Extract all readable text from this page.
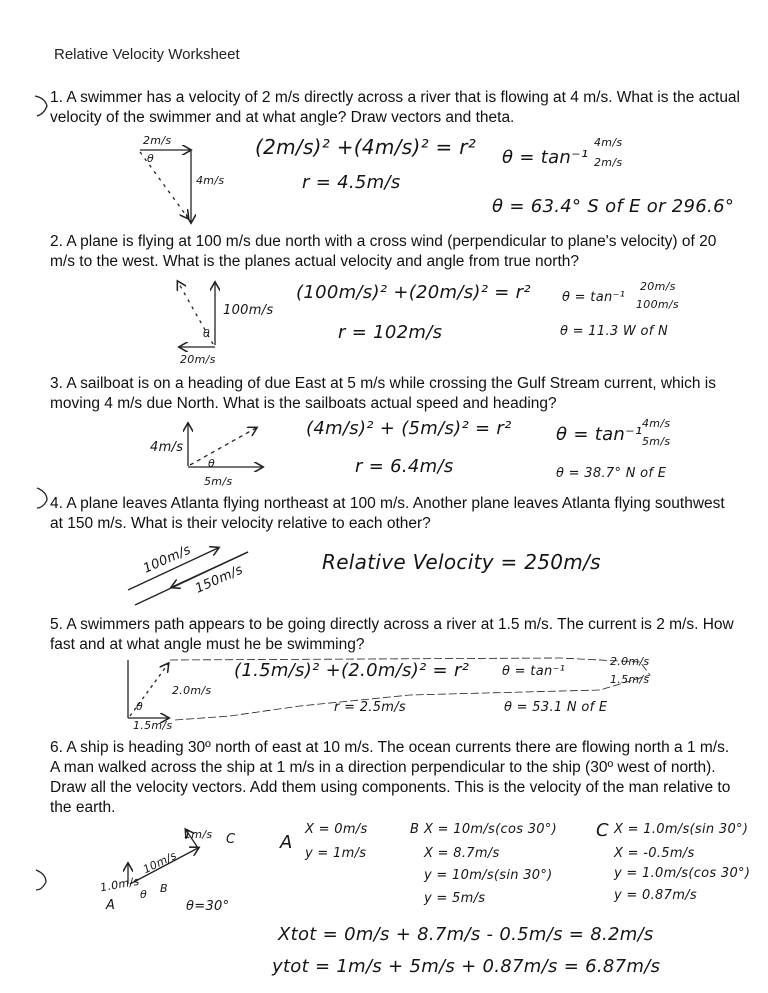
Relative Velocity Worksheet
1. A swimmer has a velocity of 2 m/s directly across a river that is flowing at 4 m/s. What is the actual velocity of the swimmer and at what angle? Draw vectors and theta.
2. A plane is flying at 100 m/s due north with a cross wind (perpendicular to plane's velocity) of 20 m/s to the west. What is the planes actual velocity and angle from true north?
3. A sailboat is on a heading of due East at 5 m/s while crossing the Gulf Stream current, which is moving 4 m/s due North. What is the sailboats actual speed and heading?
4. A plane leaves Atlanta flying northeast at 100 m/s. Another plane leaves Atlanta flying southwest at 150 m/s. What is their velocity relative to each other?
5. A swimmers path appears to be going directly across a river at 1.5 m/s. The current is 2 m/s. How fast and at what angle must he be swimming?
6. A ship is heading 30º north of east at 10 m/s. The ocean currents there are flowing north a 1 m/s. A man walked across the ship at 1 m/s in a direction perpendicular to the ship (30º west of north). Draw all the velocity vectors. Add them using components. This is the velocity of the man relative to the earth.
2m/s
θ
4m/s
(2m/s)² +(4m/s)² = r²
r = 4.5m/s
θ = tan⁻¹
4m/s
2m/s
θ = 63.4° S of E or 296.6°
100m/s
20m/s
θ
(100m/s)² +(20m/s)² = r²
r = 102m/s
θ = tan⁻¹
20m/s
100m/s
θ = 11.3 W of N
4m/s
5m/s
θ
(4m/s)² + (5m/s)² = r²
r = 6.4m/s
θ = tan⁻¹
4m/s
5m/s
θ = 38.7° N of E
100m/s
150m/s
Relative Velocity = 250m/s
2.0m/s
1.5m/s
θ
(1.5m/s)² +(2.0m/s)² = r²
r = 2.5m/s
θ = tan⁻¹
2.0m/s
1.5m/s
θ = 53.1 N of E
1m/s C
10m/s
1.0m/s
A
B
θ
θ=30°
A
X = 0m/s
y = 1m/s
B X = 10m/s(cos 30°)
X = 8.7m/s
y = 10m/s(sin 30°)
y = 5m/s
C X = 1.0m/s(sin 30°)
X = -0.5m/s
y = 1.0m/s(cos 30°)
y = 0.87m/s
Xtot = 0m/s + 8.7m/s - 0.5m/s = 8.2m/s
ytot = 1m/s + 5m/s + 0.87m/s = 6.87m/s
